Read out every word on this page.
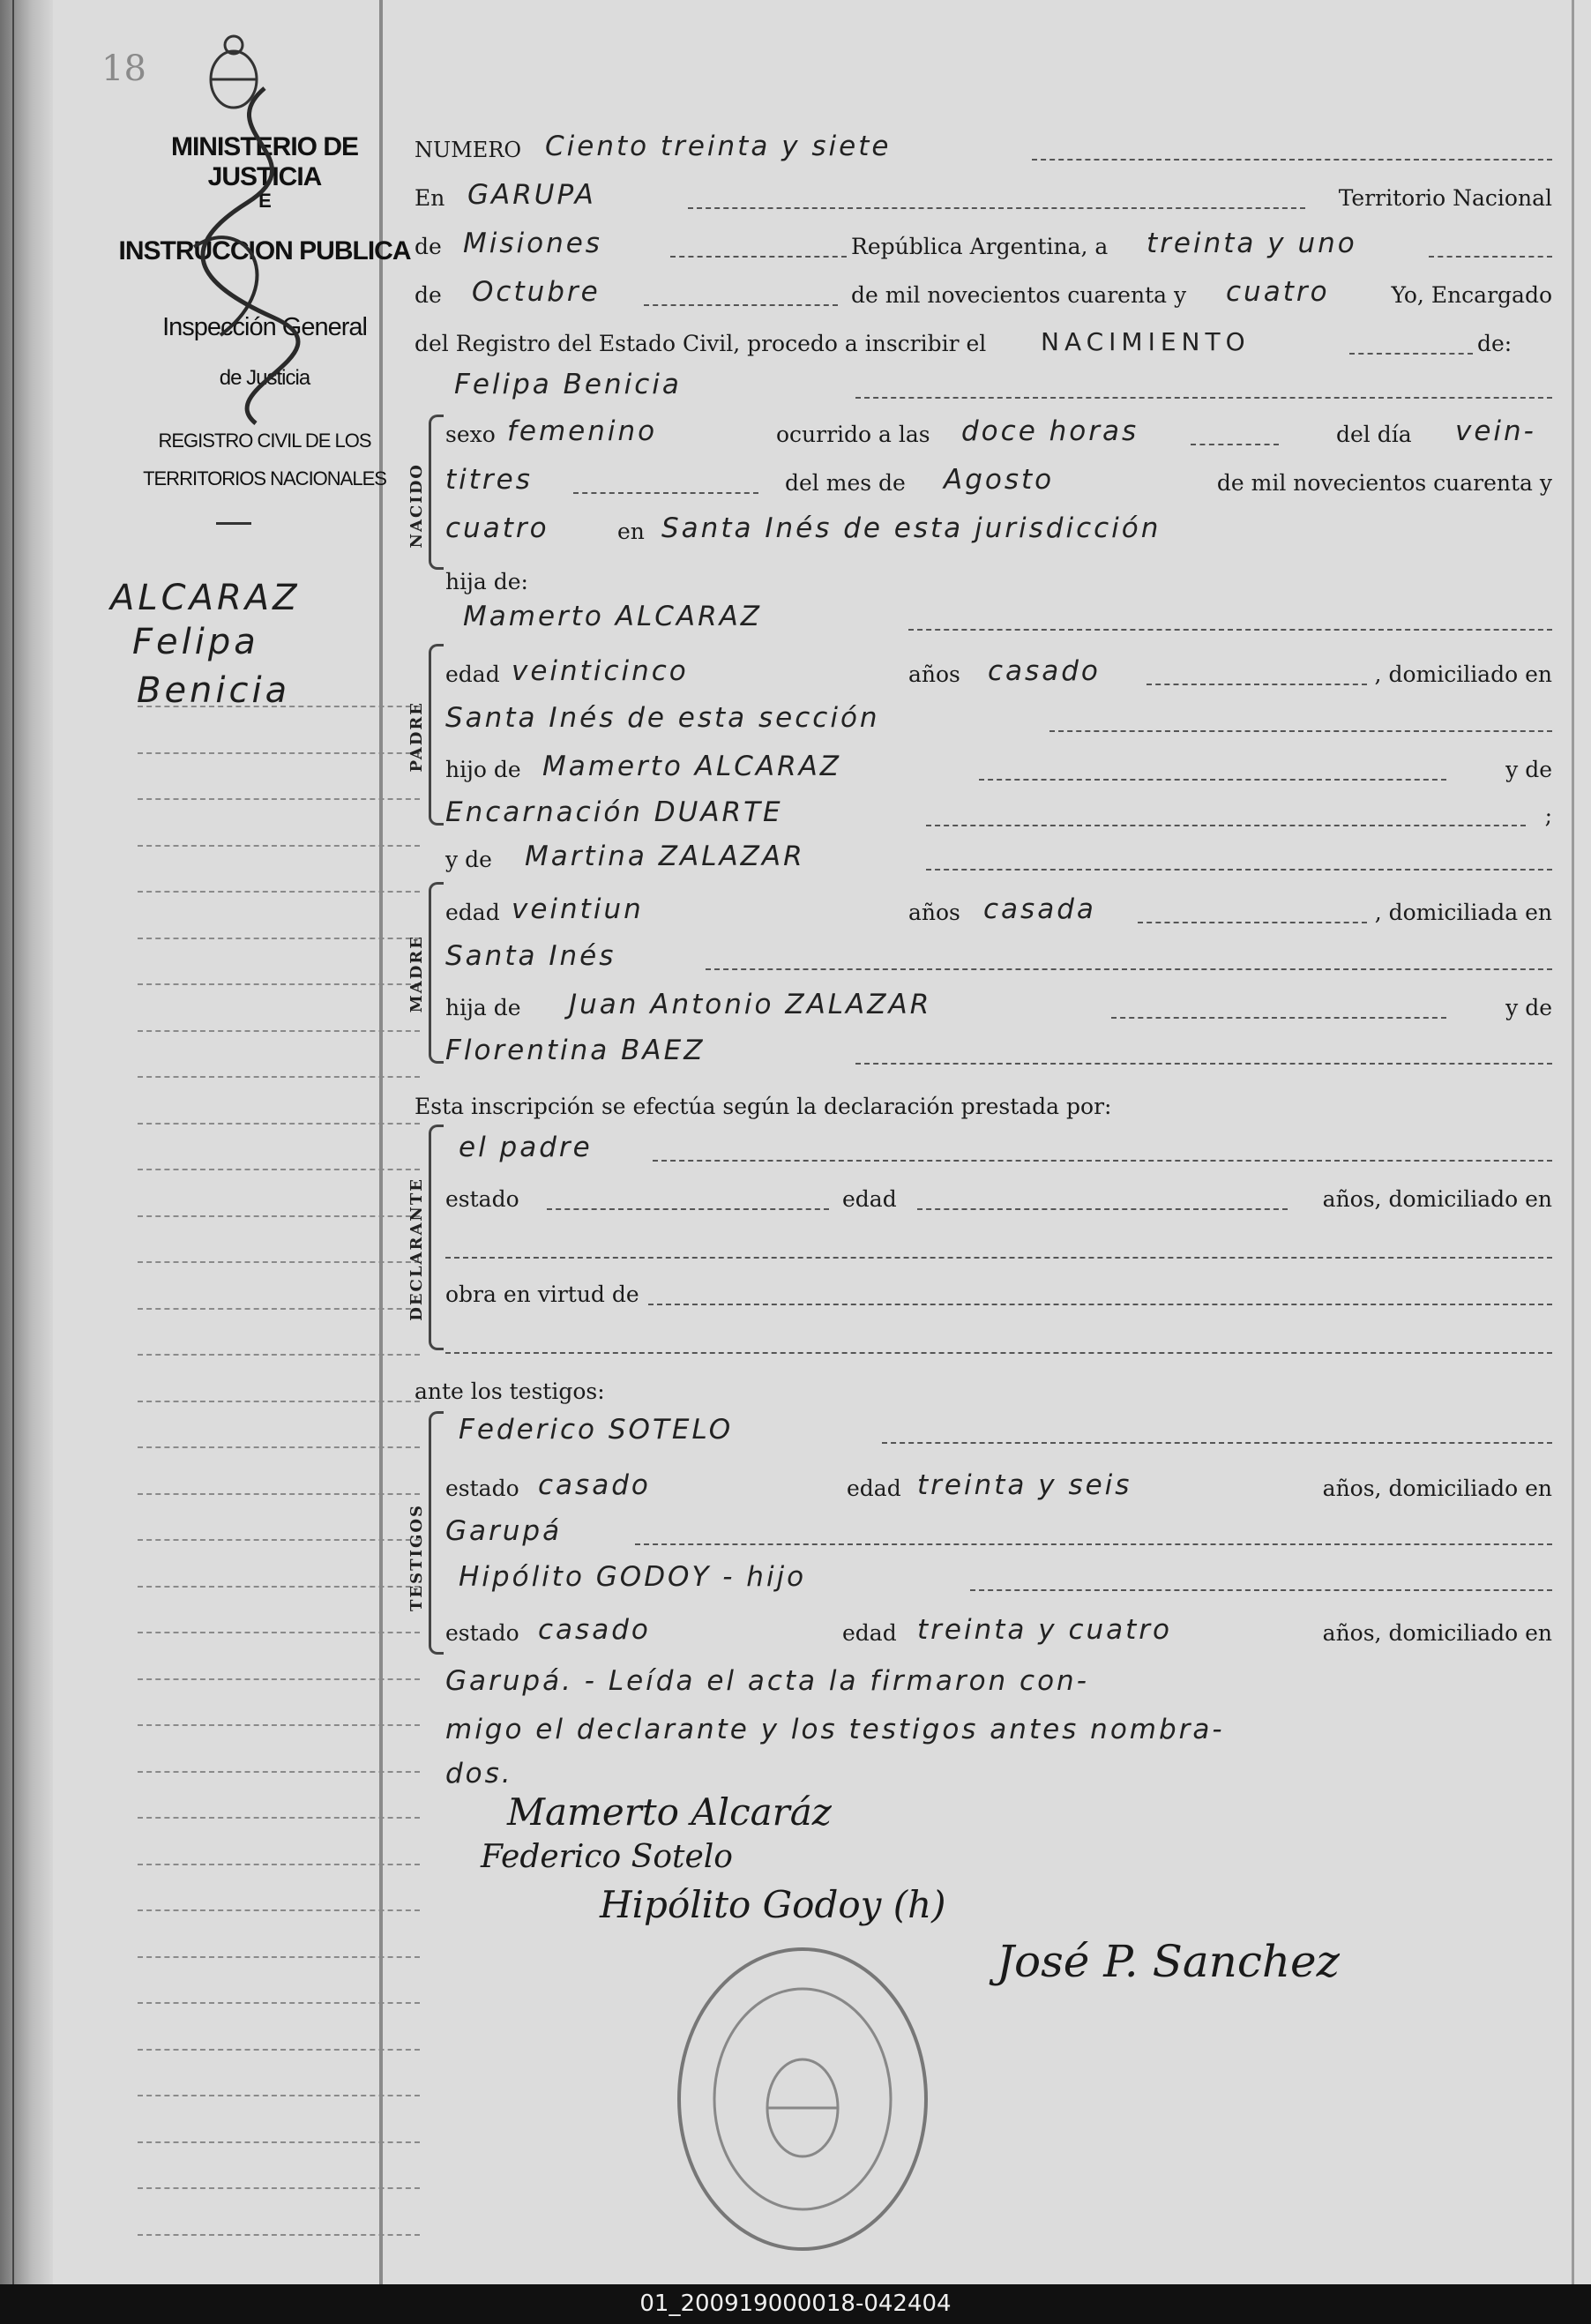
18
MINISTERIO DE JUSTICIA
E
INSTRUCCION PUBLICA
Inspección General
de Justicia
REGISTRO CIVIL DE LOS
TERRITORIOS NACIONALES
ALCARAZ
Felipa
Benicia
NUMERO Ciento treinta y siete
En GARUPA	Territorio Nacional
de Misiones	República Argentina, a treinta y uno
de Octubre	de mil novecientos cuarenta y cuatro	Yo, Encargado
del Registro del Estado Civil, procedo a inscribir el NACIMIENTO	de:
Felipa Benicia
NACIDO
sexo femenino	ocurrido a las doce horas	del día vein-
titres	del mes de Agosto	de mil novecientos cuarenta y
cuatro	en Santa Inés de esta jurisdicción
hija de:
Mamerto ALCARAZ
PADRE
edad veinticinco	años casado	, domiciliado en
Santa Inés de esta sección
hijo de Mamerto ALCARAZ	y de
Encarnación DUARTE	;
y de Martina ZALAZAR
MADRE
edad veintiun	años casada	, domiciliada en
Santa Inés
hija de Juan Antonio ZALAZAR	y de
Florentina BAEZ
Esta inscripción se efectúa según la declaración prestada por:
DECLARANTE
el padre
estado	edad	años, domiciliado en
obra en virtud de
ante los testigos:
TESTIGOS
Federico SOTELO
estado casado	edad treinta y seis	años, domiciliado en
Garupá
Hipólito GODOY - hijo
estado casado	edad treinta y cuatro	años, domiciliado en
Garupá. - Leída el acta la firmaron con-
migo el declarante y los testigos antes nombra-
dos.
Mamerto Alcaráz
Federico Sotelo
Hipólito Godoy (h)
José P. Sanchez
01_200919000018-042404
